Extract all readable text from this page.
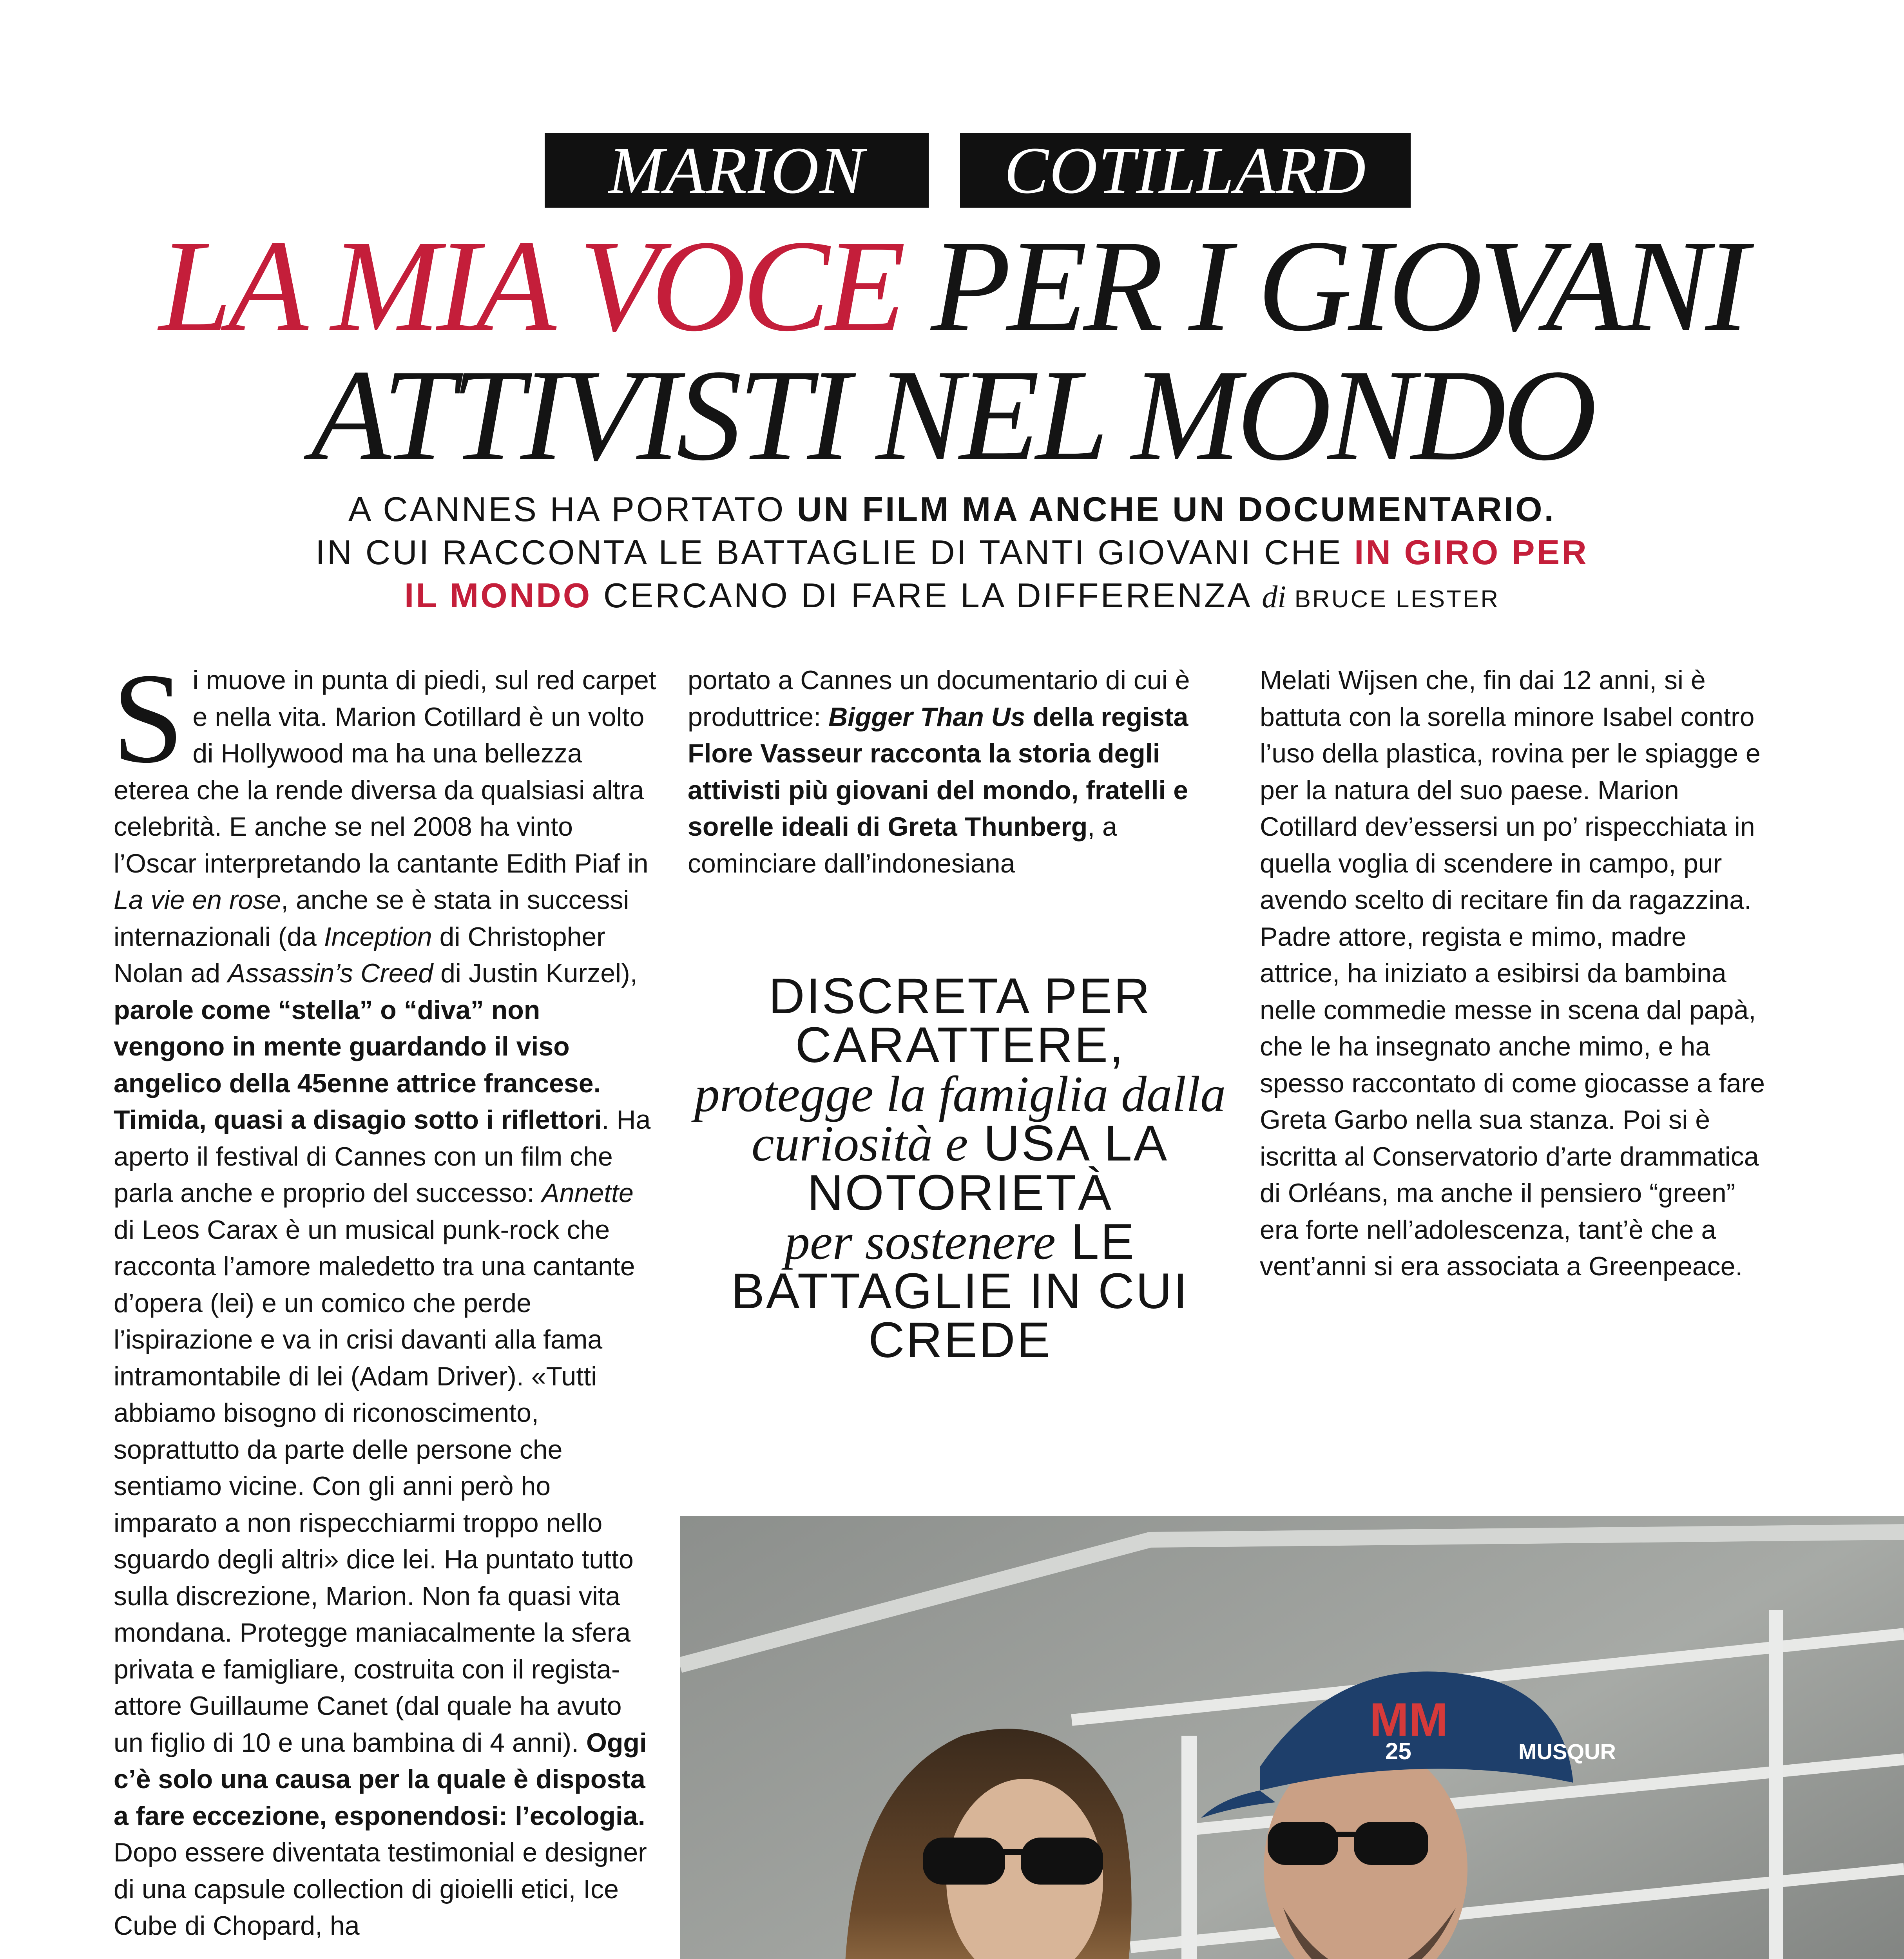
MARION	COTILLARD
LA MIA VOCE PER I GIOVANI
ATTIVISTI NEL MONDO
A CANNES HA PORTATO UN FILM MA ANCHE UN DOCUMENTARIO.
IN CUI RACCONTA LE BATTAGLIE DI TANTI GIOVANI CHE IN GIRO PER
IL MONDO CERCANO DI FARE LA DIFFERENZA di BRUCE LESTER

Si muove in punta di piedi, sul red carpet e nella vita. Marion Cotillard è un volto di Hollywood ma ha una bellezza eterea che la rende diversa da qualsiasi altra celebrità. E anche se nel 2008 ha vinto l’Oscar interpretando la cantante Edith Piaf in La vie en rose, anche se è stata in successi internazionali (da Inception di Christopher Nolan ad Assassin’s Creed di Justin Kurzel), parole come “stella” o “diva” non vengono in mente guardando il viso angelico della 45enne attrice francese. Timida, quasi a disagio sotto i riflettori. Ha aperto il festival di Cannes con un film che parla anche e proprio del successo: Annette di Leos Carax è un musical punk-rock che racconta l’amore maledetto tra una cantante d’opera (lei) e un comico che perde l’ispirazione e va in crisi davanti alla fama intramontabile di lei (Adam Driver). «Tutti abbiamo bisogno di riconoscimento, soprattutto da parte delle persone che sentiamo vicine. Con gli anni però ho imparato a non rispecchiarmi troppo nello sguardo degli altri» dice lei. Ha puntato tutto sulla discrezione, Marion. Non fa quasi vita mondana. Protegge maniacalmente la sfera privata e famigliare, costruita con il regista-attore Guillaume Canet (dal quale ha avuto un figlio di 10 e una bambina di 4 anni). Oggi c’è solo una causa per la quale è disposta a fare eccezione, esponendosi: l’ecologia. Dopo essere diventata testimonial e designer di una capsule collection di gioielli etici, Ice Cube di Chopard, ha

portato a Cannes un documentario di cui è produttrice: Bigger Than Us della regista Flore Vasseur racconta la storia degli attivisti più giovani del mondo, fratelli e sorelle ideali di Greta Thunberg, a cominciare dall’indonesiana

DISCRETA PER CARATTERE,
protegge la famiglia dalla curiosità e USA LA NOTORIETÀ
per sostenere LE BATTAGLIE IN CUI CREDE

Melati Wijsen che, fin dai 12 anni, si è battuta con la sorella minore Isabel contro l’uso della plastica, rovina per le spiagge e per la natura del suo paese. Marion Cotillard dev’essersi un po’ rispecchiata in quella voglia di scendere in campo, pur avendo scelto di recitare fin da ragazzina. Padre attore, regista e mimo, madre attrice, ha iniziato a esibirsi da bambina nelle commedie messe in scena dal papà, che le ha insegnato anche mimo, e ha spesso raccontato di come giocasse a fare Greta Garbo nella sua stanza. Poi si è iscritta al Conservatorio d’arte drammatica di Orléans, ma anche il pensiero “green” era forte nell’adolescenza, tant’è che a vent’anni si era associata a Greenpeace.

MM
25	MUSQUR
